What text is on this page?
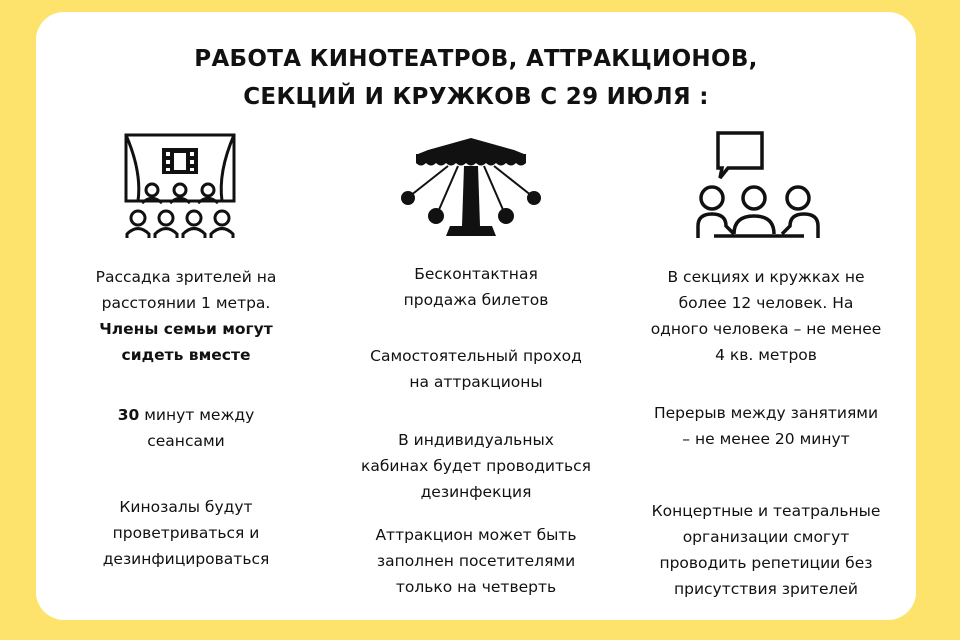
РАБОТА КИНОТЕАТРОВ, АТТРАКЦИОНОВ,
СЕКЦИЙ И КРУЖКОВ С 29 ИЮЛЯ :
Рассадка зрителей на
расстоянии 1 метра.
Члены семьи могут
сидеть вместе
30 минут между
сеансами
Кинозалы будут
проветриваться и
дезинфицироваться
Бесконтактная
продажа билетов
Самостоятельный проход
на аттракционы
В индивидуальных
кабинах будет проводиться
дезинфекция
Аттракцион может быть
заполнен посетителями
только на четверть
В секциях и кружках не
более 12 человек. На
одного человека – не менее
4 кв. метров
Перерыв между занятиями
– не менее 20 минут
Концертные и театральные
организации смогут
проводить репетиции без
присутствия зрителей
